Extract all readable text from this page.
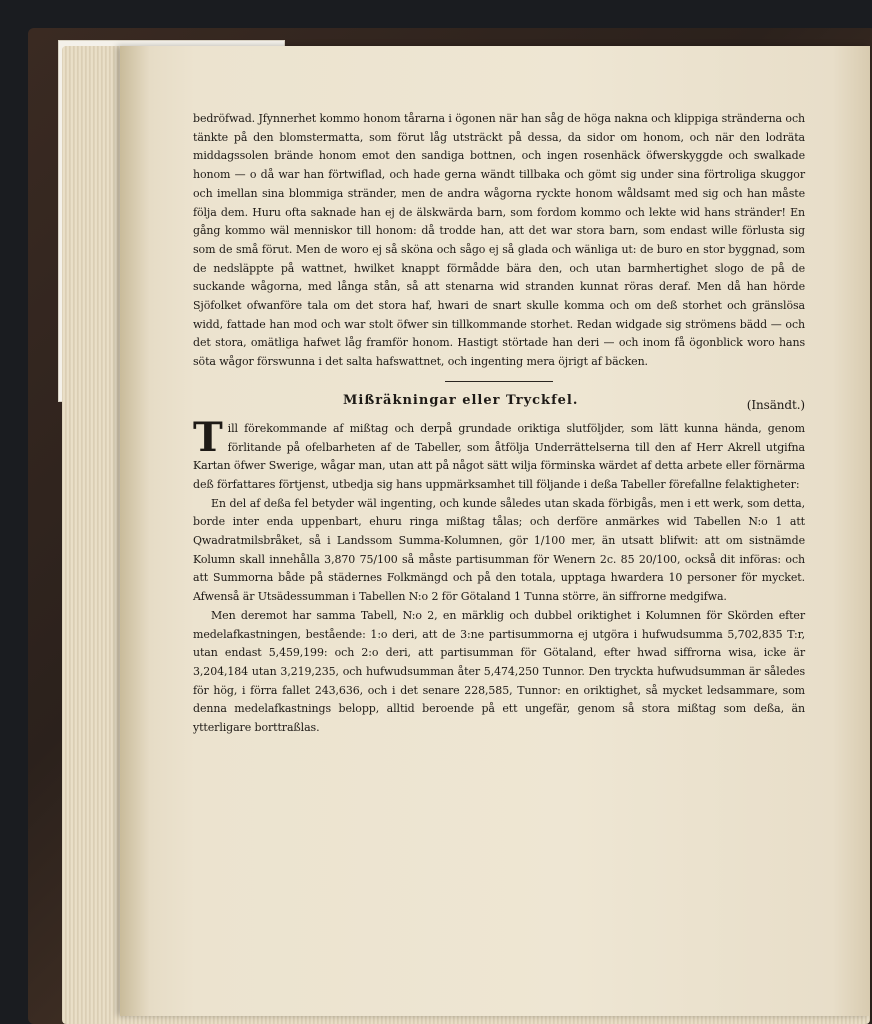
bedröfwad. Jfynnerhet kommo honom tårarna i ögonen när han såg de höga nakna och klippiga stränderna och tänkte på den blomstermatta, som förut låg utsträckt på dessa, da sidor om honom, och när den lodräta middagssolen brände honom emot den sandiga bottnen, och ingen rosenhäck öfwerskyggde och swalkade honom — o då war han förtwiflad, och hade gerna wändt tillbaka och gömt sig under sina förtroliga skuggor och imellan sina blommiga stränder, men de andra wågorna ryckte honom wåldsamt med sig och han måste följa dem. Huru ofta saknade han ej de älskwärda barn, som fordom kommo och lekte wid hans stränder! En gång kommo wäl menniskor till honom: då trodde han, att det war stora barn, som endast wille förlusta sig som de små förut. Men de woro ej så sköna och sågo ej så glada och wänliga ut: de buro en stor byggnad, som de nedsläppte på wattnet, hwilket knappt förmådde bära den, och utan barmhertighet slogo de på de suckande wågorna, med långa stån, så att stenarna wid stranden kunnat röras deraf. Men då han hörde Sjöfolket ofwanföre tala om det stora haf, hwari de snart skulle komma och om deß storhet och gränslösa widd, fattade han mod och war stolt öfwer sin tillkommande storhet. Redan widgade sig strömens bädd — och det stora, omätliga hafwet låg framför honom. Hastigt störtade han deri — och inom få ögonblick woro hans söta wågor förswunna i det salta hafswattnet, och ingenting mera öjrigt af bäcken.

Mißräkningar eller Tryckfel.	(Insändt.)

Till förekommande af mißtag och derpå grundade oriktiga slutföljder, som lätt kunna hända, genom förlitande på ofelbarheten af de Tabeller, som åtfölja Underrättelserna till den af Herr Akrell utgifna Kartan öfwer Swerige, wågar man, utan att på något sätt wilja förminska wärdet af detta arbete eller förnärma deß författares förtjenst, utbedja sig hans uppmärksamhet till följande i deßa Tabeller förefallne felaktigheter:

En del af deßa fel betyder wäl ingenting, och kunde således utan skada förbigås, men i ett werk, som detta, borde inter enda uppenbart, ehuru ringa mißtag tålas; och derföre anmärkes wid Tabellen N:o 1 att Qwadratmilsbråket, så i Landssom Summa-Kolumnen, gör 1/100 mer, än utsatt blifwit: att om sistnämde Kolumn skall innehålla 3,870 75/100 så måste partisumman för Wenern 2c. 85 20/100, också dit införas: och att Summorna både på städernes Folkmängd och på den totala, upptaga hwardera 10 personer för mycket. Afwenså är Utsädessumman i Tabellen N:o 2 för Götaland 1 Tunna större, än siffrorne medgifwa.

Men deremot har samma Tabell, N:o 2, en märklig och dubbel oriktighet i Kolumnen för Skörden efter medelafkastningen, bestående: 1:o deri, att de 3:ne partisummorna ej utgöra i hufwudsumma 5,702,835 T:r, utan endast 5,459,199: och 2:o deri, att partisumman för Götaland, efter hwad siffrorna wisa, icke är 3,204,184 utan 3,219,235, och hufwudsumman åter 5,474,250 Tunnor. Den tryckta hufwudsumman är således för hög, i förra fallet 243,636, och i det senare 228,585, Tunnor: en oriktighet, så mycket ledsammare, som denna medelafkastnings belopp, alltid beroende på ett ungefär, genom så stora mißtag som deßa, än ytterligare borttraßlas.
